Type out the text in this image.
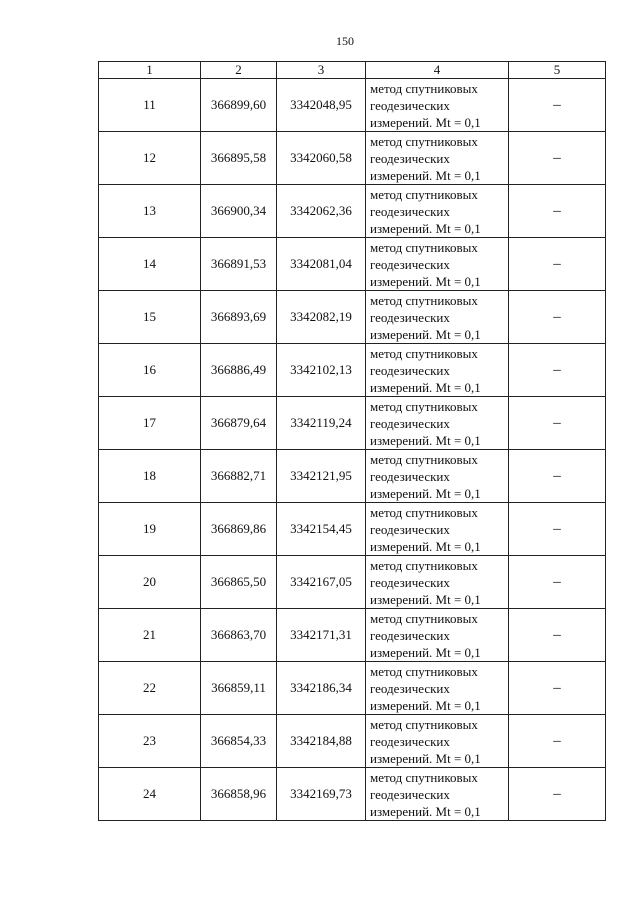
150
1	2	3	4	5
11	366899,60	3342048,95	метод спутниковых
геодезических
измерений. Mt = 0,1	–
12	366895,58	3342060,58	метод спутниковых
геодезических
измерений. Mt = 0,1	–
13	366900,34	3342062,36	метод спутниковых
геодезических
измерений. Mt = 0,1	–
14	366891,53	3342081,04	метод спутниковых
геодезических
измерений. Mt = 0,1	–
15	366893,69	3342082,19	метод спутниковых
геодезических
измерений. Mt = 0,1	–
16	366886,49	3342102,13	метод спутниковых
геодезических
измерений. Mt = 0,1	–
17	366879,64	3342119,24	метод спутниковых
геодезических
измерений. Mt = 0,1	–
18	366882,71	3342121,95	метод спутниковых
геодезических
измерений. Mt = 0,1	–
19	366869,86	3342154,45	метод спутниковых
геодезических
измерений. Mt = 0,1	–
20	366865,50	3342167,05	метод спутниковых
геодезических
измерений. Mt = 0,1	–
21	366863,70	3342171,31	метод спутниковых
геодезических
измерений. Mt = 0,1	–
22	366859,11	3342186,34	метод спутниковых
геодезических
измерений. Mt = 0,1	–
23	366854,33	3342184,88	метод спутниковых
геодезических
измерений. Mt = 0,1	–
24	366858,96	3342169,73	метод спутниковых
геодезических
измерений. Mt = 0,1	–
